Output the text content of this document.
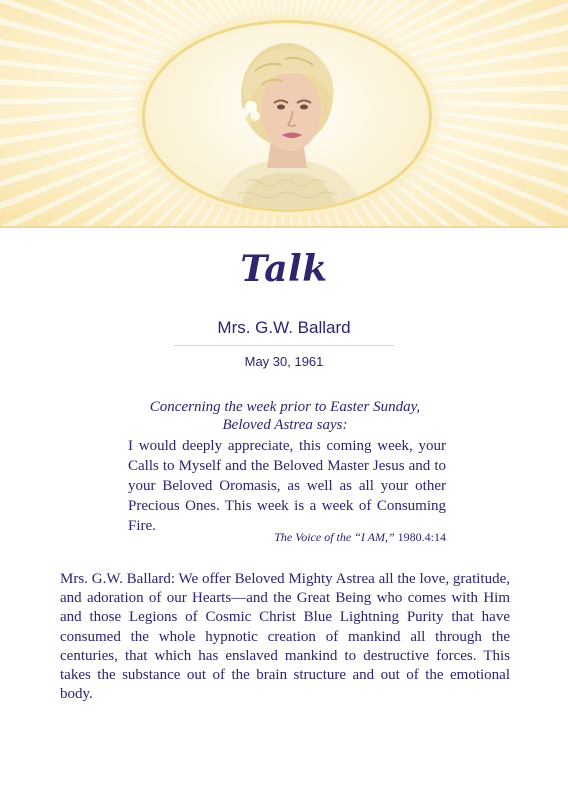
Talk
Mrs. G.W. Ballard
May 30, 1961
Concerning the week prior to Easter Sunday,
Beloved Astrea says:

I would deeply appreciate, this coming week, your Calls to Myself and the Beloved Master Jesus and to your Beloved Oromasis, as well as all your other Precious Ones. This week is a week of Consuming Fire.

The Voice of the “I AM,” 1980.4:14

Mrs. G.W. Ballard: We offer Beloved Mighty Astrea all the love, gratitude, and adoration of our Hearts—and the Great Being who comes with Him and those Legions of Cosmic Christ Blue Lightning Purity that have consumed the whole hypnotic creation of mankind all through the centuries, that which has enslaved mankind to destructive forces. This takes the substance out of the brain structure and out of the emotional body.
